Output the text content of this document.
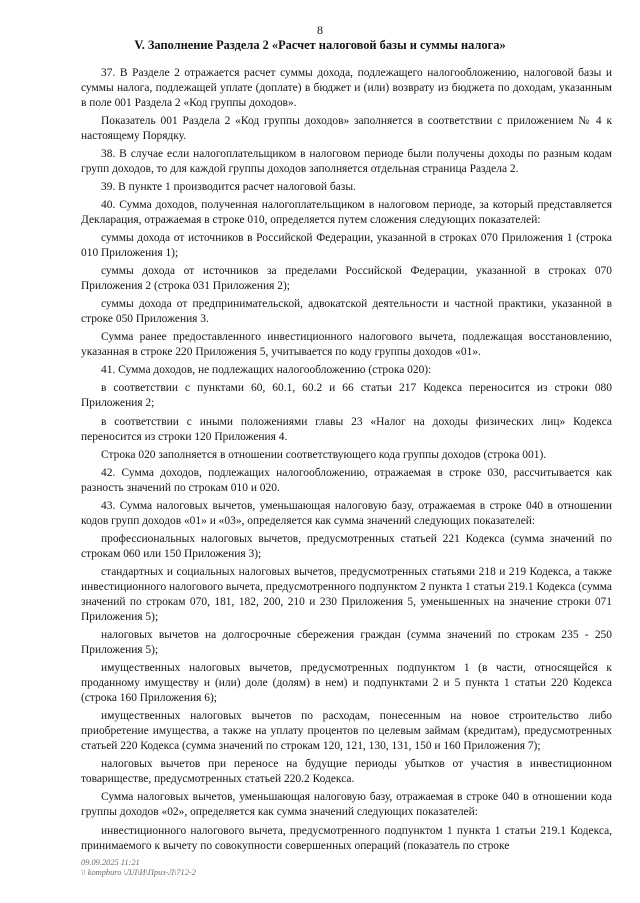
8
V. Заполнение Раздела 2 «Расчет налоговой базы и суммы налога»

37. В Разделе 2 отражается расчет суммы дохода, подлежащего налогообложению, налоговой базы и суммы налога, подлежащей уплате (доплате) в бюджет и (или) возврату из бюджета по доходам, указанным в поле 001 Раздела 2 «Код группы доходов».

Показатель 001 Раздела 2 «Код группы доходов» заполняется в соответствии с приложением № 4 к настоящему Порядку.

38. В случае если налогоплательщиком в налоговом периоде были получены доходы по разным кодам групп доходов, то для каждой группы доходов заполняется отдельная страница Раздела 2.

39. В пункте 1 производится расчет налоговой базы.

40. Сумма доходов, полученная налогоплательщиком в налоговом периоде, за который представляется Декларация, отражаемая в строке 010, определяется путем сложения следующих показателей:

суммы дохода от источников в Российской Федерации, указанной в строках 070 Приложения 1 (строка 010 Приложения 1);

суммы дохода от источников за пределами Российской Федерации, указанной в строках 070 Приложения 2 (строка 031 Приложения 2);

суммы дохода от предпринимательской, адвокатской деятельности и частной практики, указанной в строке 050 Приложения 3.

Сумма ранее предоставленного инвестиционного налогового вычета, подлежащая восстановлению, указанная в строке 220 Приложения 5, учитывается по коду группы доходов «01».

41. Сумма доходов, не подлежащих налогообложению (строка 020):

в соответствии с пунктами 60, 60.1, 60.2 и 66 статьи 217 Кодекса переносится из строки 080 Приложения 2;

в соответствии с иными положениями главы 23 «Налог на доходы физических лиц» Кодекса переносится из строки 120 Приложения 4.

Строка 020 заполняется в отношении соответствующего кода группы доходов (строка 001).

42. Сумма доходов, подлежащих налогообложению, отражаемая в строке 030, рассчитывается как разность значений по строкам 010 и 020.

43. Сумма налоговых вычетов, уменьшающая налоговую базу, отражаемая в строке 040 в отношении кодов групп доходов «01» и «03», определяется как сумма значений следующих показателей:

профессиональных налоговых вычетов, предусмотренных статьей 221 Кодекса (сумма значений по строкам 060 или 150 Приложения 3);

стандартных и социальных налоговых вычетов, предусмотренных статьями 218 и 219 Кодекса, а также инвестиционного налогового вычета, предусмотренного подпунктом 2 пункта 1 статьи 219.1 Кодекса (сумма значений по строкам 070, 181, 182, 200, 210 и 230 Приложения 5, уменьшенных на значение строки 071 Приложения 5);

налоговых вычетов на долгосрочные сбережения граждан (сумма значений по строкам 235 - 250 Приложения 5);

имущественных налоговых вычетов, предусмотренных подпунктом 1 (в части, относящейся к проданному имуществу и (или) доле (долям) в нем) и подпунктами 2 и 5 пункта 1 статьи 220 Кодекса (строка 160 Приложения 6);

имущественных налоговых вычетов по расходам, понесенным на новое строительство либо приобретение имущества, а также на уплату процентов по целевым займам (кредитам), предусмотренных статьей 220 Кодекса (сумма значений по строкам 120, 121, 130, 131, 150 и 160 Приложения 7);

налоговых вычетов при переносе на будущие периоды убытков от участия в инвестиционном товариществе, предусмотренных статьей 220.2 Кодекса.

Сумма налоговых вычетов, уменьшающая налоговую базу, отражаемая в строке 040 в отношении кода группы доходов «02», определяется как сумма значений следующих показателей:

инвестиционного налогового вычета, предусмотренного подпунктом 1 пункта 1 статьи 219.1 Кодекса, принимаемого к вычету по совокупности совершенных операций (показатель по строке

09.09.2025 11:21
\\ kompburo \ЛЛ\И\Приз-Л\712-2
